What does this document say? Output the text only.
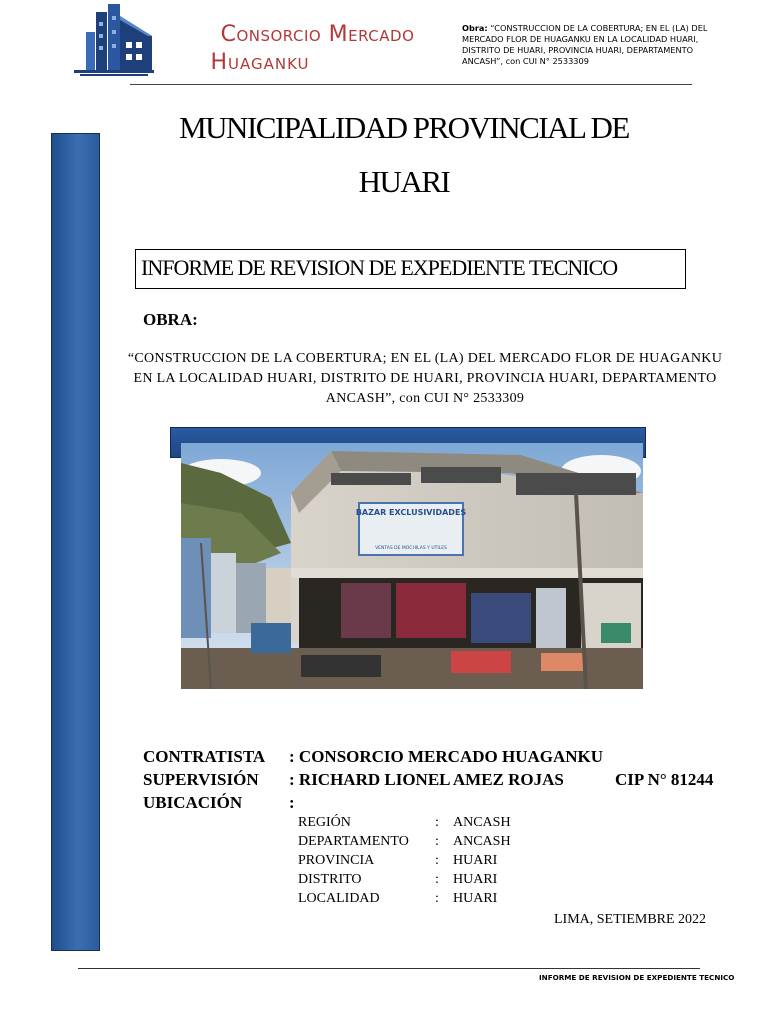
Consorcio Mercado
Huaganku
Obra: “CONSTRUCCION DE LA COBERTURA; EN EL (LA) DEL MERCADO FLOR DE HUAGANKU EN LA LOCALIDAD HUARI, DISTRITO DE HUARI, PROVINCIA HUARI, DEPARTAMENTO ANCASH”, con CUI N° 2533309
MUNICIPALIDAD PROVINCIAL DE
HUARI
INFORME DE REVISION DE EXPEDIENTE TECNICO
OBRA:
“CONSTRUCCION DE LA COBERTURA; EN EL (LA) DEL MERCADO FLOR DE HUAGANKU EN LA LOCALIDAD HUARI, DISTRITO DE HUARI, PROVINCIA HUARI, DEPARTAMENTO ANCASH”, con CUI N° 2533309
BAZAR EXCLUSIVIDADES
VENTAS DE MOCHILAS Y UTILES
CONTRATISTA : CONSORCIO MERCADO HUAGANKU
SUPERVISIÓN : RICHARD LIONEL AMEZ ROJAS	CIP N° 81244
UBICACIÓN	:
REGIÓN	: ANCASH
DEPARTAMENTO : ANCASH
PROVINCIA	: HUARI
DISTRITO	: HUARI
LOCALIDAD	: HUARI
LIMA, SETIEMBRE 2022
INFORME DE REVISION DE EXPEDIENTE TECNICO
